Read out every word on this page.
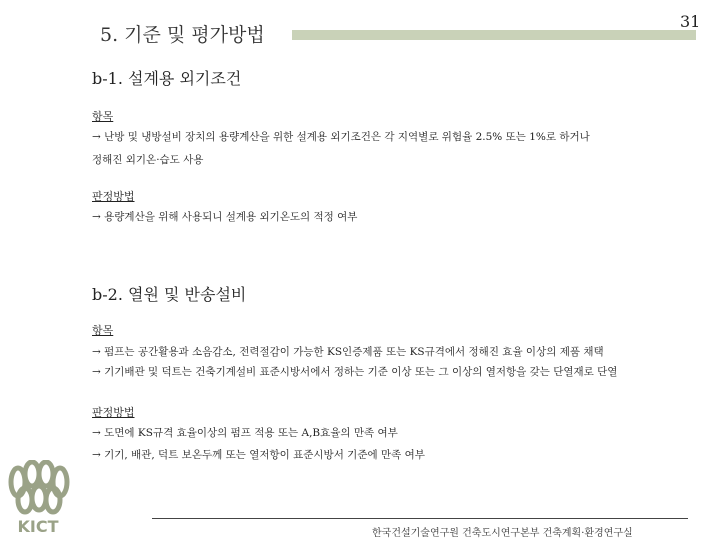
5. 기준 및 평가방법
31
b-1. 설계용 외기조건
항목
→ 난방 및 냉방설비 장치의 용량계산을 위한 설계용 외기조건은 각 지역별로 위험율 2.5% 또는 1%로 하거나
정해진 외기온·습도 사용
판정방법
→ 용량계산을 위해 사용되니 설계용 외기온도의 적정 여부
b-2. 열원 및 반송설비
항목
→ 펌프는 공간활용과 소음감소, 전력절감이 가능한 KS인증제품 또는 KS규격에서 정해진 효율 이상의 제품 채택
→ 기기배관 및 덕트는 건축기계설비 표준시방서에서 정하는 기준 이상 또는 그 이상의 열저항을 갖는 단열재로 단열
판정방법
→ 도면에 KS규격 효율이상의 펌프 적용 또는 A,B효율의 만족 여부
→ 기기, 배관, 덕트 보온두께 또는 열저항이 표준시방서 기준에 만족 여부
KICT	한국건설기술연구원 건축도시연구본부 건축계획·환경연구실
